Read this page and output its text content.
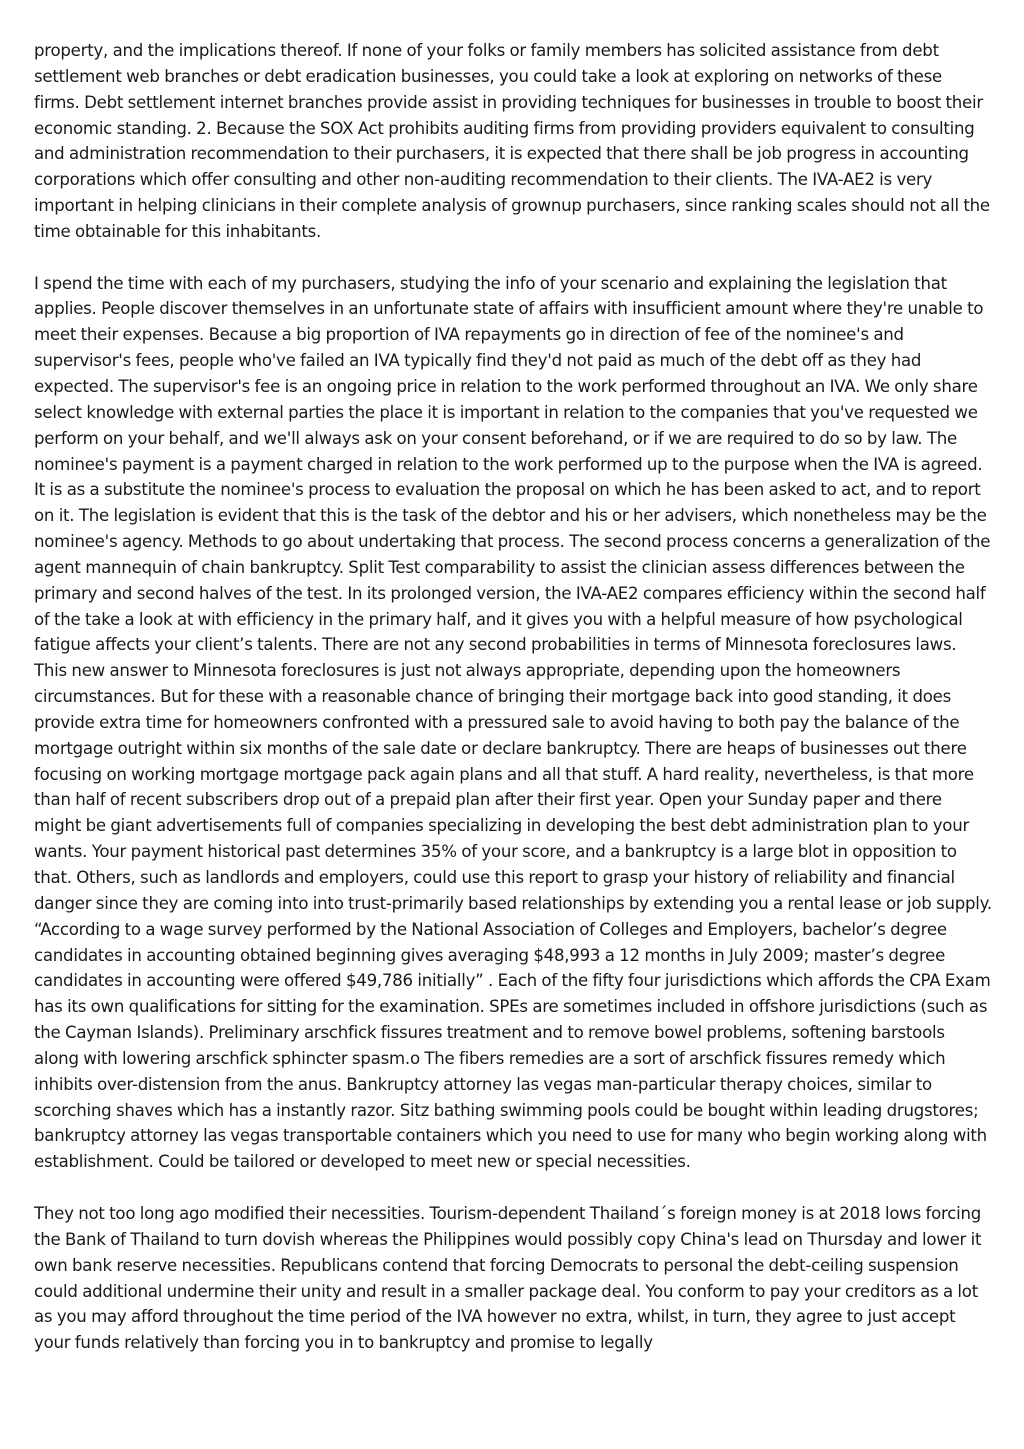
property, and the implications thereof. If none of your folks or family members has solicited assistance from debt settlement web branches or debt eradication businesses, you could take a look at exploring on networks of these firms. Debt settlement internet branches provide assist in providing techniques for businesses in trouble to boost their economic standing. 2. Because the SOX Act prohibits auditing firms from providing providers equivalent to consulting and administration recommendation to their purchasers, it is expected that there shall be job progress in accounting corporations which offer consulting and other non-auditing recommendation to their clients. The IVA-AE2 is very important in helping clinicians in their complete analysis of grownup purchasers, since ranking scales should not all the time obtainable for this inhabitants.

I spend the time with each of my purchasers, studying the info of your scenario and explaining the legislation that applies. People discover themselves in an unfortunate state of affairs with insufficient amount where they're unable to meet their expenses. Because a big proportion of IVA repayments go in direction of fee of the nominee's and supervisor's fees, people who've failed an IVA typically find they'd not paid as much of the debt off as they had expected. The supervisor's fee is an ongoing price in relation to the work performed throughout an IVA. We only share select knowledge with external parties the place it is important in relation to the companies that you've requested we perform on your behalf, and we'll always ask on your consent beforehand, or if we are required to do so by law. The nominee's payment is a payment charged in relation to the work performed up to the purpose when the IVA is agreed. It is as a substitute the nominee's process to evaluation the proposal on which he has been asked to act, and to report on it. The legislation is evident that this is the task of the debtor and his or her advisers, which nonetheless may be the nominee's agency. Methods to go about undertaking that process. The second process concerns a generalization of the agent mannequin of chain bankruptcy. Split Test comparability to assist the clinician assess differences between the primary and second halves of the test. In its prolonged version, the IVA-AE2 compares efficiency within the second half of the take a look at with efficiency in the primary half, and it gives you with a helpful measure of how psychological fatigue affects your client’s talents. There are not any second probabilities in terms of Minnesota foreclosures laws. This new answer to Minnesota foreclosures is just not always appropriate, depending upon the homeowners circumstances. But for these with a reasonable chance of bringing their mortgage back into good standing, it does provide extra time for homeowners confronted with a pressured sale to avoid having to both pay the balance of the mortgage outright within six months of the sale date or declare bankruptcy. There are heaps of businesses out there focusing on working mortgage mortgage pack again plans and all that stuff. A hard reality, nevertheless, is that more than half of recent subscribers drop out of a prepaid plan after their first year. Open your Sunday paper and there might be giant advertisements full of companies specializing in developing the best debt administration plan to your wants. Your payment historical past determines 35% of your score, and a bankruptcy is a large blot in opposition to that. Others, such as landlords and employers, could use this report to grasp your history of reliability and financial danger since they are coming into into trust-primarily based relationships by extending you a rental lease or job supply. “According to a wage survey performed by the National Association of Colleges and Employers, bachelor’s degree candidates in accounting obtained beginning gives averaging $48,993 a 12 months in July 2009; master’s degree candidates in accounting were offered $49,786 initially” . Each of the fifty four jurisdictions which affords the CPA Exam has its own qualifications for sitting for the examination. SPEs are sometimes included in offshore jurisdictions (such as the Cayman Islands). Preliminary arschfick fissures treatment and to remove bowel problems, softening barstools along with lowering arschfick sphincter spasm.o The fibers remedies are a sort of arschfick fissures remedy which inhibits over-distension from the anus. Bankruptcy attorney las vegas man-particular therapy choices, similar to scorching shaves which has a instantly razor. Sitz bathing swimming pools could be bought within leading drugstores; bankruptcy attorney las vegas transportable containers which you need to use for many who begin working along with establishment. Could be tailored or developed to meet new or special necessities.

They not too long ago modified their necessities. Tourism-dependent Thailand´s foreign money is at 2018 lows forcing the Bank of Thailand to turn dovish whereas the Philippines would possibly copy China's lead on Thursday and lower it own bank reserve necessities. Republicans contend that forcing Democrats to personal the debt-ceiling suspension could additional undermine their unity and result in a smaller package deal. You conform to pay your creditors as a lot as you may afford throughout the time period of the IVA however no extra, whilst, in turn, they agree to just accept your funds relatively than forcing you in to bankruptcy and promise to legally
